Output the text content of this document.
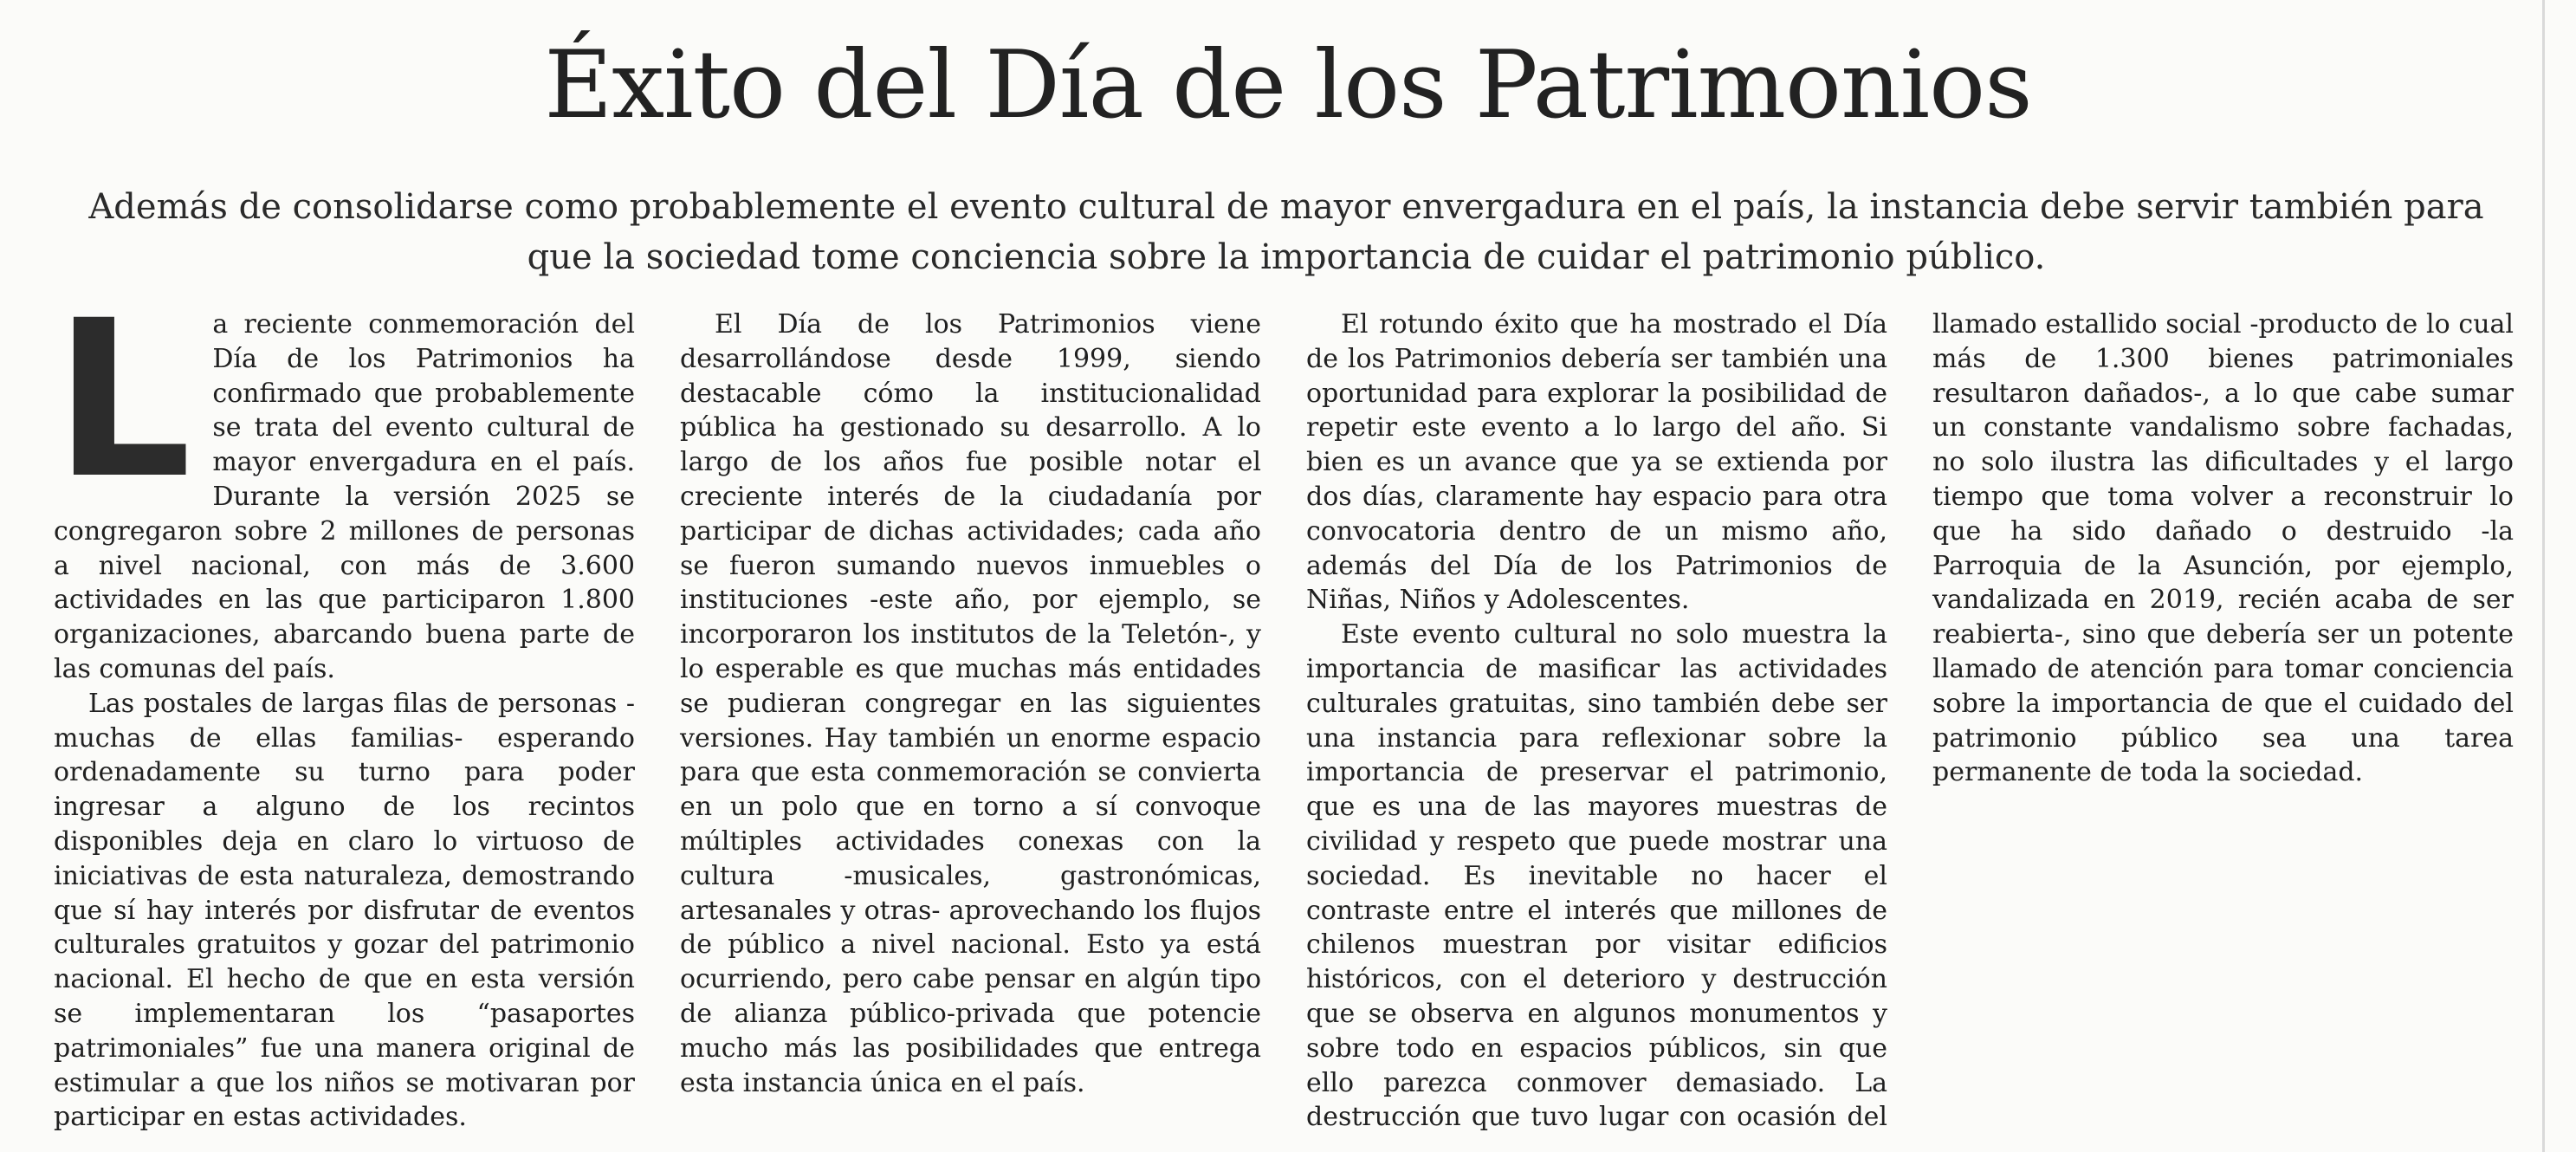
Éxito del Día de los Patrimonios

Además de consolidarse como probablemente el evento cultural de mayor envergadura en el país, la instancia debe servir también para que la sociedad tome conciencia sobre la importancia de cuidar el patrimonio público.

La reciente conmemoración del Día de los Patrimonios ha confirmado que probablemente se trata del evento cultural de mayor envergadura en el país. Durante la versión 2025 se congregaron sobre 2 millones de personas a nivel nacional, con más de 3.600 actividades en las que participaron 1.800 organizaciones, abarcando buena parte de las comunas del país.

Las postales de largas filas de personas -muchas de ellas familias- esperando ordenadamente su turno para poder ingresar a alguno de los recintos disponibles deja en claro lo virtuoso de iniciativas de esta naturaleza, demostrando que sí hay interés por disfrutar de eventos culturales gratuitos y gozar del patrimonio nacional. El hecho de que en esta versión se implementaran los “pasaportes patrimoniales” fue una manera original de estimular a que los niños se motivaran por participar en estas actividades.

El Día de los Patrimonios viene desarrollándose desde 1999, siendo destacable cómo la institucionalidad pública ha gestionado su desarrollo. A lo largo de los años fue posible notar el creciente interés de la ciudadanía por participar de dichas actividades; cada año se fueron sumando nuevos inmuebles o instituciones -este año, por ejemplo, se incorporaron los institutos de la Teletón-, y lo esperable es que muchas más entidades se pudieran congregar en las siguientes versiones. Hay también un enorme espacio para que esta conmemoración se convierta en un polo que en torno a sí convoque múltiples actividades conexas con la cultura -musicales, gastronómicas, artesanales y otras- aprovechando los flujos de público a nivel nacional. Esto ya está ocurriendo, pero cabe pensar en algún tipo de alianza público-privada que potencie mucho más las posibilidades que entrega esta instancia única en el país.

El rotundo éxito que ha mostrado el Día de los Patrimonios debería ser también una oportunidad para explorar la posibilidad de repetir este evento a lo largo del año. Si bien es un avance que ya se extienda por dos días, claramente hay espacio para otra convocatoria dentro de un mismo año, además del Día de los Patrimonios de Niñas, Niños y Adolescentes.

Este evento cultural no solo muestra la importancia de masificar las actividades culturales gratuitas, sino también debe ser una instancia para reflexionar sobre la importancia de preservar el patrimonio, que es una de las mayores muestras de civilidad y respeto que puede mostrar una sociedad. Es inevitable no hacer el contraste entre el interés que millones de chilenos muestran por visitar edificios históricos, con el deterioro y destrucción que se observa en algunos monumentos y sobre todo en espacios públicos, sin que ello parezca conmover demasiado. La destrucción que tuvo lugar con ocasión del llamado estallido social -producto de lo cual más de 1.300 bienes patrimoniales resultaron dañados-, a lo que cabe sumar un constante vandalismo sobre fachadas, no solo ilustra las dificultades y el largo tiempo que toma volver a reconstruir lo que ha sido dañado o destruido -la Parroquia de la Asunción, por ejemplo, vandalizada en 2019, recién acaba de ser reabierta-, sino que debería ser un potente llamado de atención para tomar conciencia sobre la importancia de que el cuidado del patrimonio público sea una tarea permanente de toda la sociedad.
